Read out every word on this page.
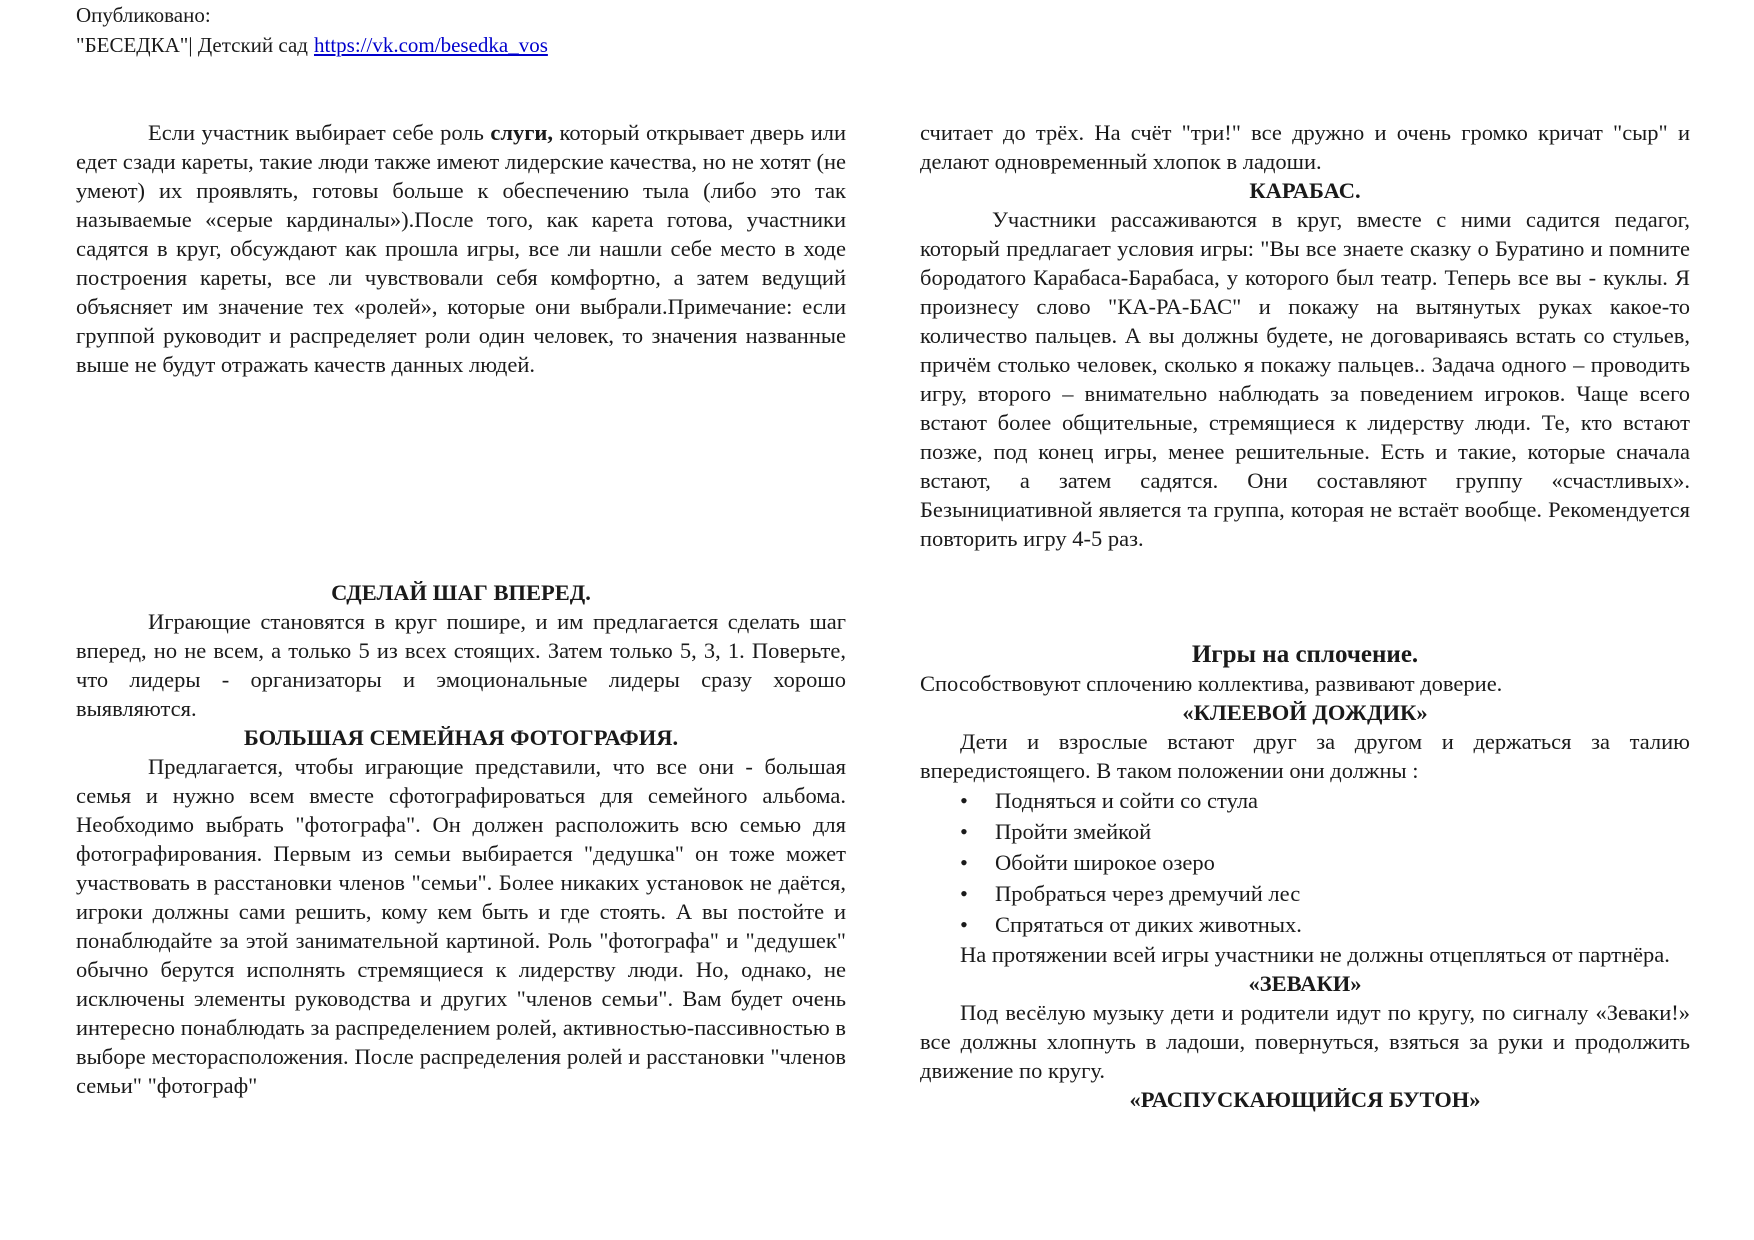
Опубликовано:
"БЕСЕДКА"| Детский сад https://vk.com/besedka_vos

Если участник выбирает себе роль слуги, который открывает дверь или едет сзади кареты, такие люди также имеют лидерские качества, но не хотят (не умеют) их проявлять, готовы больше к обеспечению тыла (либо это так называемые «серые кардиналы»).После того, как карета готова, участники садятся в круг, обсуждают как прошла игры, все ли нашли себе место в ходе построения кареты, все ли чувствовали себя комфортно, а затем ведущий объясняет им значение тех «ролей», которые они выбрали.Примечание: если группой руководит и распределяет роли один человек, то значения названные выше не будут отражать качеств данных людей.

СДЕЛАЙ ШАГ ВПЕРЕД.

Играющие становятся в круг пошире, и им предлагается сделать шаг вперед, но не всем, а только 5 из всех стоящих. Затем только 5, 3, 1. Поверьте, что лидеры - организаторы и эмоциональные лидеры сразу хорошо выявляются.

БОЛЬШАЯ СЕМЕЙНАЯ ФОТОГРАФИЯ.

Предлагается, чтобы играющие представили, что все они - большая семья и нужно всем вместе сфотографироваться для семейного альбома. Необходимо выбрать "фотографа". Он должен расположить всю семью для фотографирования. Первым из семьи выбирается "дедушка" он тоже может участвовать в расстановки членов "семьи". Более никаких установок не даётся, игроки должны сами решить, кому кем быть и где стоять. А вы постойте и понаблюдайте за этой занимательной картиной. Роль "фотографа" и "дедушек" обычно берутся исполнять стремящиеся к лидерству люди. Но, однако, не исключены элементы руководства и других "членов семьи". Вам будет очень интересно понаблюдать за распределением ролей, активностью-пассивностью в выборе месторасположения. После распределения ролей и расстановки "членов семьи" "фотограф"

считает до трёх. На счёт "три!" все дружно и очень громко кричат "сыр" и делают одновременный хлопок в ладоши.

КАРАБАС.

Участники рассаживаются в круг, вместе с ними садится педагог, который предлагает условия игры: "Вы все знаете сказку о Буратино и помните бородатого Карабаса-Барабаса, у которого был театр. Теперь все вы - куклы. Я произнесу слово "КА-РА-БАС" и покажу на вытянутых руках какое-то количество пальцев. А вы должны будете, не договариваясь встать со стульев, причём столько человек, сколько я покажу пальцев.. Задача одного – проводить игру, второго – внимательно наблюдать за поведением игроков. Чаще всего встают более общительные, стремящиеся к лидерству люди. Те, кто встают позже, под конец игры, менее решительные. Есть и такие, которые сначала встают, а затем садятся. Они составляют группу «счастливых». Безынициативной является та группа, которая не встаёт вообще. Рекомендуется повторить игру 4-5 раз.

Игры на сплочение.

Способствовуют сплочению коллектива, развивают доверие.

«КЛЕЕВОЙ ДОЖДИК»

Дети и взрослые встают друг за другом и держаться за талию впередистоящего. В таком положении они должны :

• Подняться и сойти со стула
• Пройти змейкой
• Обойти широкое озеро
• Пробраться через дремучий лес
• Спрятаться от диких животных.

На протяжении всей игры участники не должны отцепляться от партнёра.

«ЗЕВАКИ»

Под весёлую музыку дети и родители идут по кругу, по сигналу «Зеваки!» все должны хлопнуть в ладоши, повернуться, взяться за руки и продолжить движение по кругу.

«РАСПУСКАЮЩИЙСЯ БУТОН»
